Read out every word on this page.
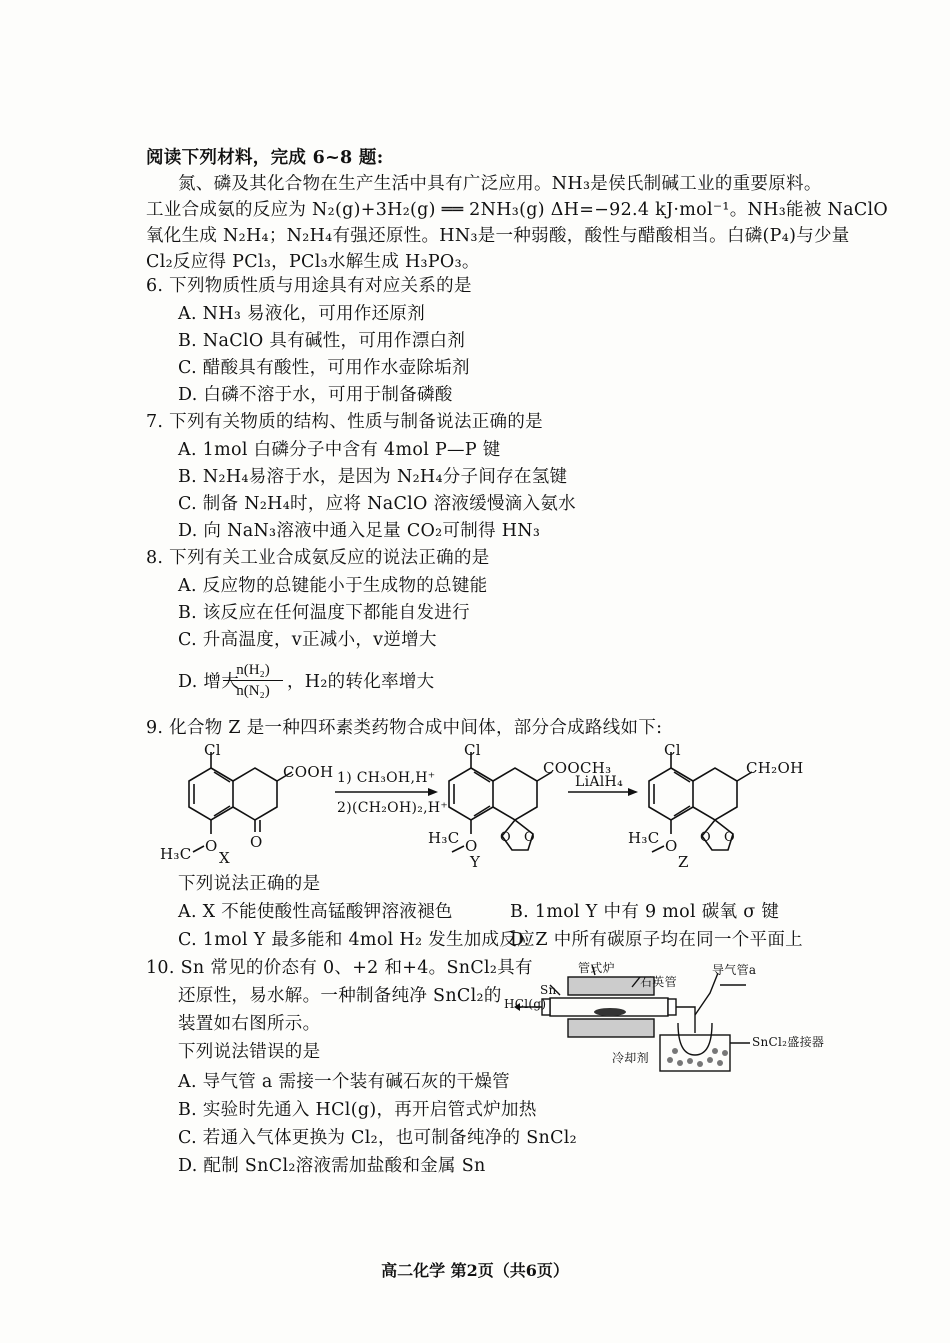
阅读下列材料，完成 6~8 题:
氮、磷及其化合物在生产生活中具有广泛应用。NH₃是侯氏制碱工业的重要原料。
工业合成氨的反应为 N₂(g)+3H₂(g) ══ 2NH₃(g) ΔH=−92.4 kJ·mol⁻¹。NH₃能被 NaClO
氧化生成 N₂H₄；N₂H₄有强还原性。HN₃是一种弱酸，酸性与醋酸相当。白磷(P₄)与少量
Cl₂反应得 PCl₃，PCl₃水解生成 H₃PO₃。
6. 下列物质性质与用途具有对应关系的是
A. NH₃ 易液化，可用作还原剂
B. NaClO 具有碱性，可用作漂白剂
C. 醋酸具有酸性，可用作水壶除垢剂
D. 白磷不溶于水，可用于制备磷酸
7. 下列有关物质的结构、性质与制备说法正确的是
A. 1mol 白磷分子中含有 4mol P—P 键
B. N₂H₄易溶于水，是因为 N₂H₄分子间存在氢键
C. 制备 N₂H₄时，应将 NaClO 溶液缓慢滴入氨水
D. 向 NaN₃溶液中通入足量 CO₂可制得 HN₃
8. 下列有关工业合成氨反应的说法正确的是
A. 反应物的总键能小于生成物的总键能
B. 该反应在任何温度下都能自发进行
C. 升高温度，v正减小，v逆增大
D. 增大
$\frac{\text{n(H₂)}}{\text{n(N₂)}}$ ，H₂的转化率增大
9. 化合物 Z 是一种四环素类药物合成中间体，部分合成路线如下:
Cl
COOH
O
O
H₃C X
1) CH₃OH,H⁺
2)(CH₂OH)₂,H⁺
Cl
COOCH₃
O O O
H₃C
Y
LiAlH₄
Cl
CH₂OH
O O O
H₃C
Z
下列说法正确的是
A. X 不能使酸性高锰酸钾溶液褪色	B. 1mol Y 中有 9 mol 碳氧 σ 键
C. 1mol Y 最多能和 4mol H₂ 发生加成反应
D. Z 中所有碳原子均在同一个平面上
10. Sn 常见的价态有 0、+2 和+4。SnCl₂具有
还原性，易水解。一种制备纯净 SnCl₂的
装置如右图所示。
下列说法错误的是
管式炉
石英管
导气管a
Sn
HCl(g)
SnCl₂盛接器
冷却剂
A. 导气管 a 需接一个装有碱石灰的干燥管
B. 实验时先通入 HCl(g)，再开启管式炉加热
C. 若通入气体更换为 Cl₂，也可制备纯净的 SnCl₂
D. 配制 SnCl₂溶液需加盐酸和金属 Sn
高二化学 第2页（共6页）
